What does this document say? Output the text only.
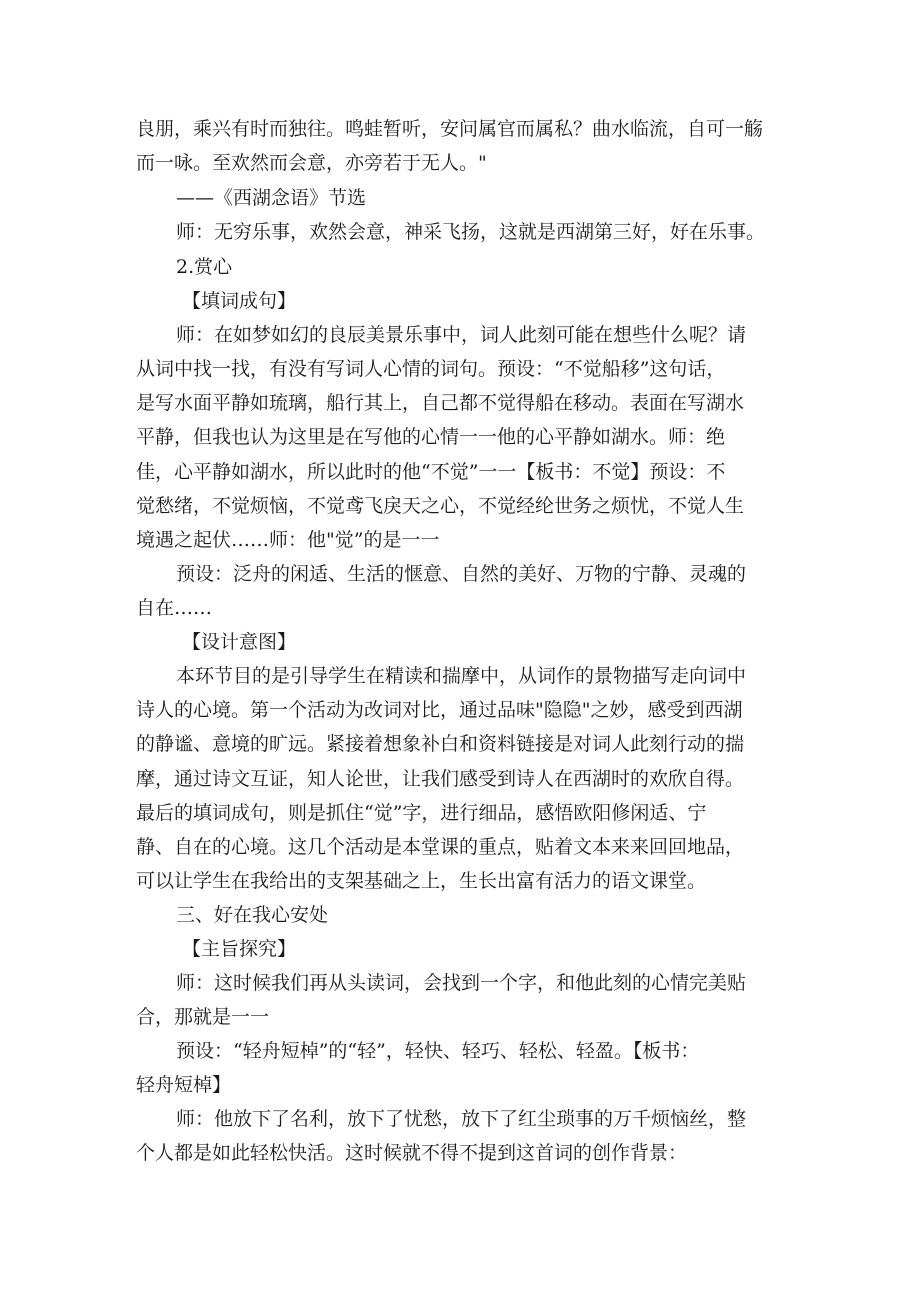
良朋，乘兴有时而独往。鸣蛙暂听，安问属官而属私？曲水临流，自可一觞
而一咏。至欢然而会意，亦旁若于无人。"
——《西湖念语》节选
师：无穷乐事，欢然会意，神采飞扬，这就是西湖第三好，好在乐事。
2.赏心
【填词成句】
师：在如梦如幻的良辰美景乐事中，词人此刻可能在想些什么呢？请
从词中找一找，有没有写词人心情的词句。预设：“不觉船移”这句话，
是写水面平静如琉璃，船行其上，自己都不觉得船在移动。表面在写湖水
平静，但我也认为这里是在写他的心情一一他的心平静如湖水。师：绝
佳，心平静如湖水，所以此时的他“不觉”一一【板书：不觉】预设：不
觉愁绪，不觉烦恼，不觉鸢飞戾天之心，不觉经纶世务之烦忧，不觉人生
境遇之起伏……师：他"觉”的是一一
预设：泛舟的闲适、生活的惬意、自然的美好、万物的宁静、灵魂的
自在……
【设计意图】
本环节目的是引导学生在精读和揣摩中，从词作的景物描写走向词中
诗人的心境。第一个活动为改词对比，通过品味"隐隐"之妙，感受到西湖
的静谧、意境的旷远。紧接着想象补白和资料链接是对词人此刻行动的揣
摩，通过诗文互证，知人论世，让我们感受到诗人在西湖时的欢欣自得。
最后的填词成句，则是抓住“觉”字，进行细品，感悟欧阳修闲适、宁
静、自在的心境。这几个活动是本堂课的重点，贴着文本来来回回地品，
可以让学生在我给出的支架基础之上，生长出富有活力的语文课堂。
三、好在我心安处
【主旨探究】
师：这时候我们再从头读词，会找到一个字，和他此刻的心情完美贴
合，那就是一一
预设：“轻舟短棹”的“轻”，轻快、轻巧、轻松、轻盈。【板书：
轻舟短棹】
师：他放下了名利，放下了忧愁，放下了红尘琐事的万千烦恼丝，整
个人都是如此轻松快活。这时候就不得不提到这首词的创作背景：
